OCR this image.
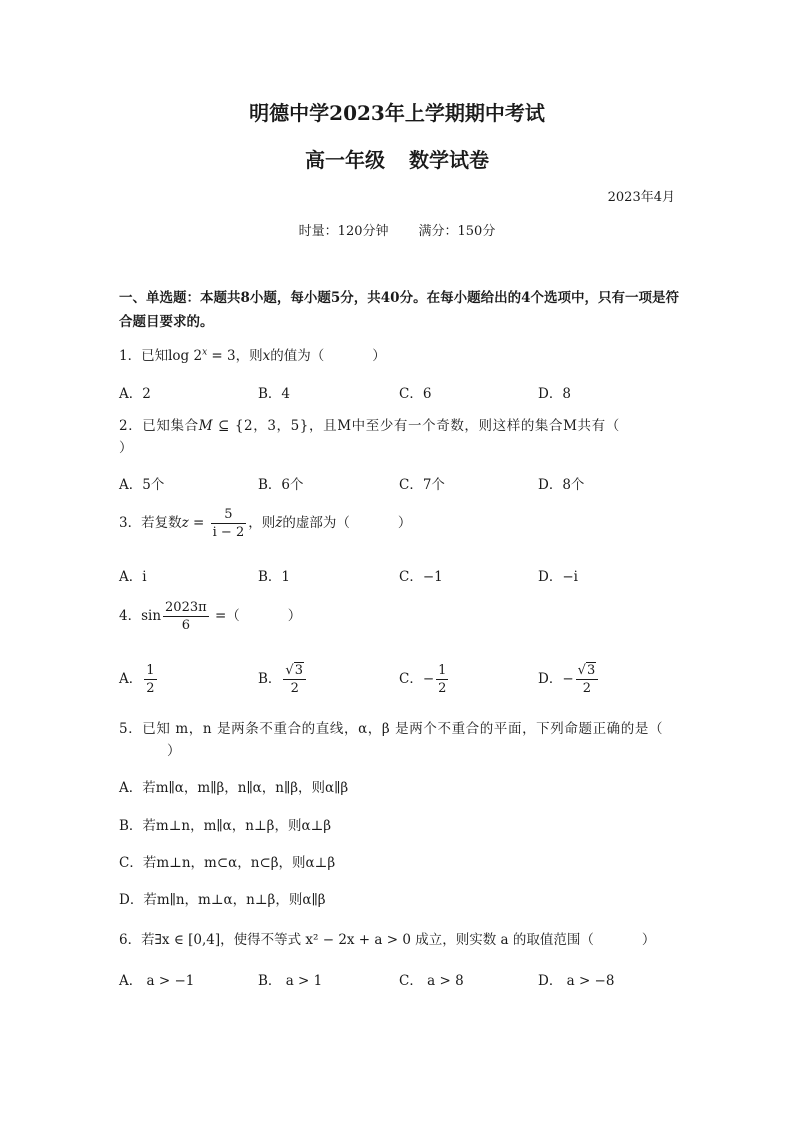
明德中学2023年上学期期中考试
高一年级 数学试卷
2023年4月
时量：120分钟 满分：150分
一、单选题：本题共8小题，每小题5分，共40分。在每小题给出的4个选项中，只有一项是符合题目要求的。
1．已知$\log 2^x = 3$，则x的值为（	）
A．2	B．4	C．6	D．8
2．已知集合M ⊆ {2，3，5}，且M中至少有一个奇数，则这样的集合M共有（）
A．5个	B．6个	C．7个	D．8个
3．若复数$z = \frac{5}{i - 2}$ ，则z̄的虚部为（	）
A．i	B．1	C．−1	D．−i
4．$\sin \frac{2023\pi}{6}$ =（	）
A． $\frac{1}{2}$	B． $\frac{√3}{2}$	C．− $\frac{1}{2}$	D．− $\frac{√3}{2}$
5．已知 m，n 是两条不重合的直线，α，β 是两个不重合的平面，下列命题正确的是（）
A．若m∥α，m∥β，n∥α，n∥β，则α∥β
B．若m⊥n，m∥α，n⊥β，则α⊥β
C．若m⊥n，m⊂α，n⊂β，则α⊥β
D．若m∥n，m⊥α，n⊥β，则α∥β
6．若∃x ∈ [0,4]，使得不等式 x² − 2x + a > 0 成立，则实数 a 的取值范围（	）
A． a > −1	B． a > 1	C． a > 8	D． a > −8
